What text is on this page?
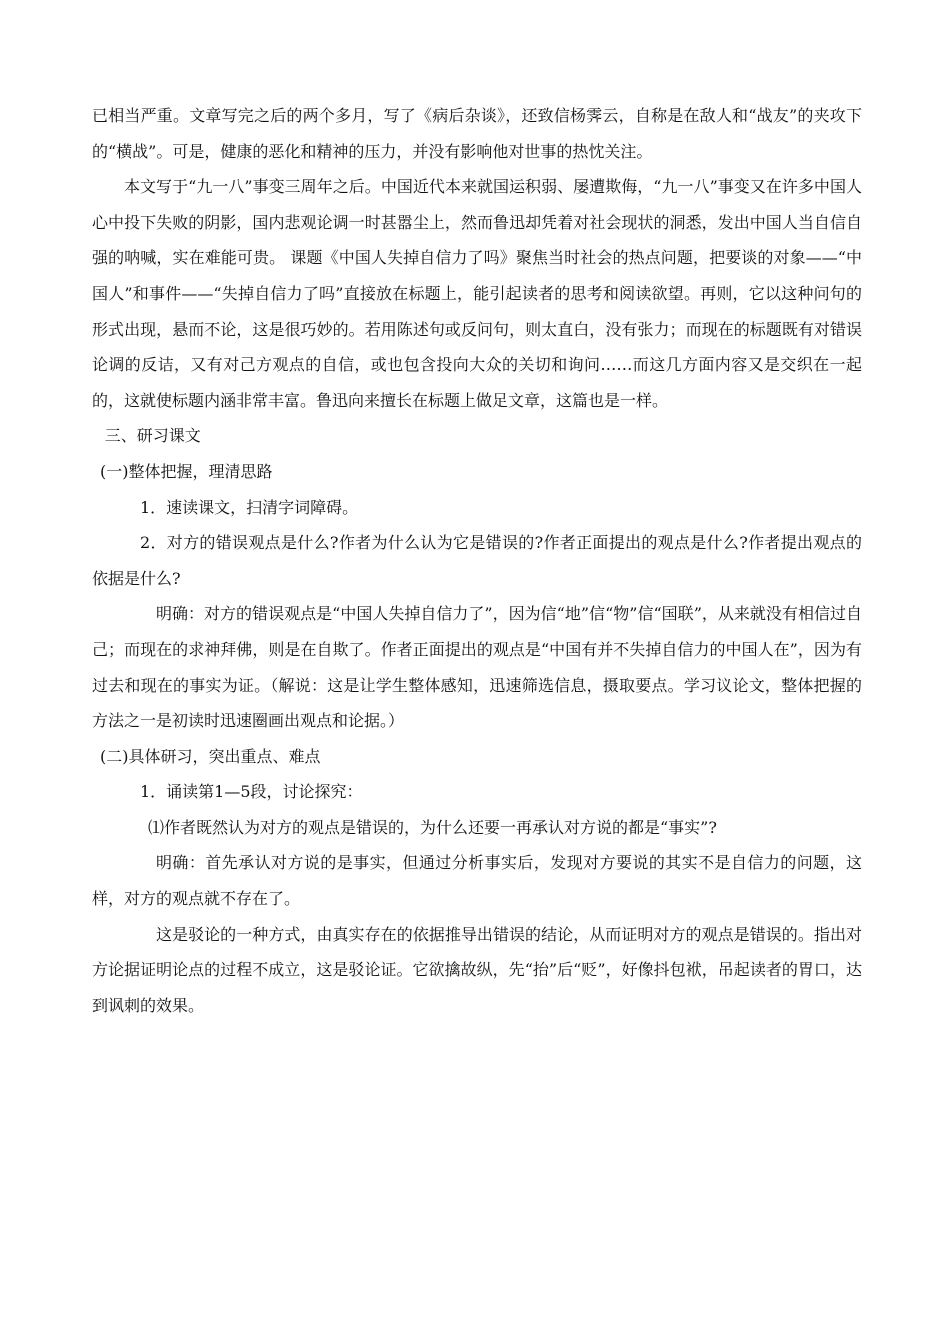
已相当严重。文章写完之后的两个多月，写了《病后杂谈》，还致信杨霁云，自称是在敌人和“战友”的夹攻下的“横战”。可是，健康的恶化和精神的压力，并没有影响他对世事的热忱关注。

本文写于“九一八”事变三周年之后。中国近代本来就国运积弱、屡遭欺侮，“九一八”事变又在许多中国人心中投下失败的阴影，国内悲观论调一时甚嚣尘上，然而鲁迅却凭着对社会现状的洞悉，发出中国人当自信自强的呐喊，实在难能可贵。 课题《中国人失掉自信力了吗》聚焦当时社会的热点问题，把要谈的对象——“中国人”和事件——“失掉自信力了吗”直接放在标题上，能引起读者的思考和阅读欲望。再则，它以这种问句的形式出现，悬而不论，这是很巧妙的。若用陈述句或反问句，则太直白，没有张力；而现在的标题既有对错误论调的反诘，又有对己方观点的自信，或也包含投向大众的关切和询问……而这几方面内容又是交织在一起的，这就使标题内涵非常丰富。鲁迅向来擅长在标题上做足文章，这篇也是一样。

三、研习课文

(一)整体把握，理清思路

1．速读课文，扫清字词障碍。

2．对方的错误观点是什么?作者为什么认为它是错误的?作者正面提出的观点是什么?作者提出观点的依据是什么?

明确：对方的错误观点是“中国人失掉自信力了”，因为信“地”信“物”信“国联”，从来就没有相信过自己；而现在的求神拜佛，则是在自欺了。作者正面提出的观点是“中国有并不失掉自信力的中国人在”，因为有过去和现在的事实为证。（解说：这是让学生整体感知，迅速筛选信息，摄取要点。学习议论文，整体把握的方法之一是初读时迅速圈画出观点和论据。）

(二)具体研习，突出重点、难点

1．诵读第1—5段，讨论探究：

⑴作者既然认为对方的观点是错误的，为什么还要一再承认对方说的都是“事实”?

明确：首先承认对方说的是事实，但通过分析事实后，发现对方要说的其实不是自信力的问题，这样，对方的观点就不存在了。

这是驳论的一种方式，由真实存在的依据推导出错误的结论，从而证明对方的观点是错误的。指出对方论据证明论点的过程不成立，这是驳论证。它欲擒故纵，先“抬”后“贬”，好像抖包袱，吊起读者的胃口，达到讽刺的效果。
